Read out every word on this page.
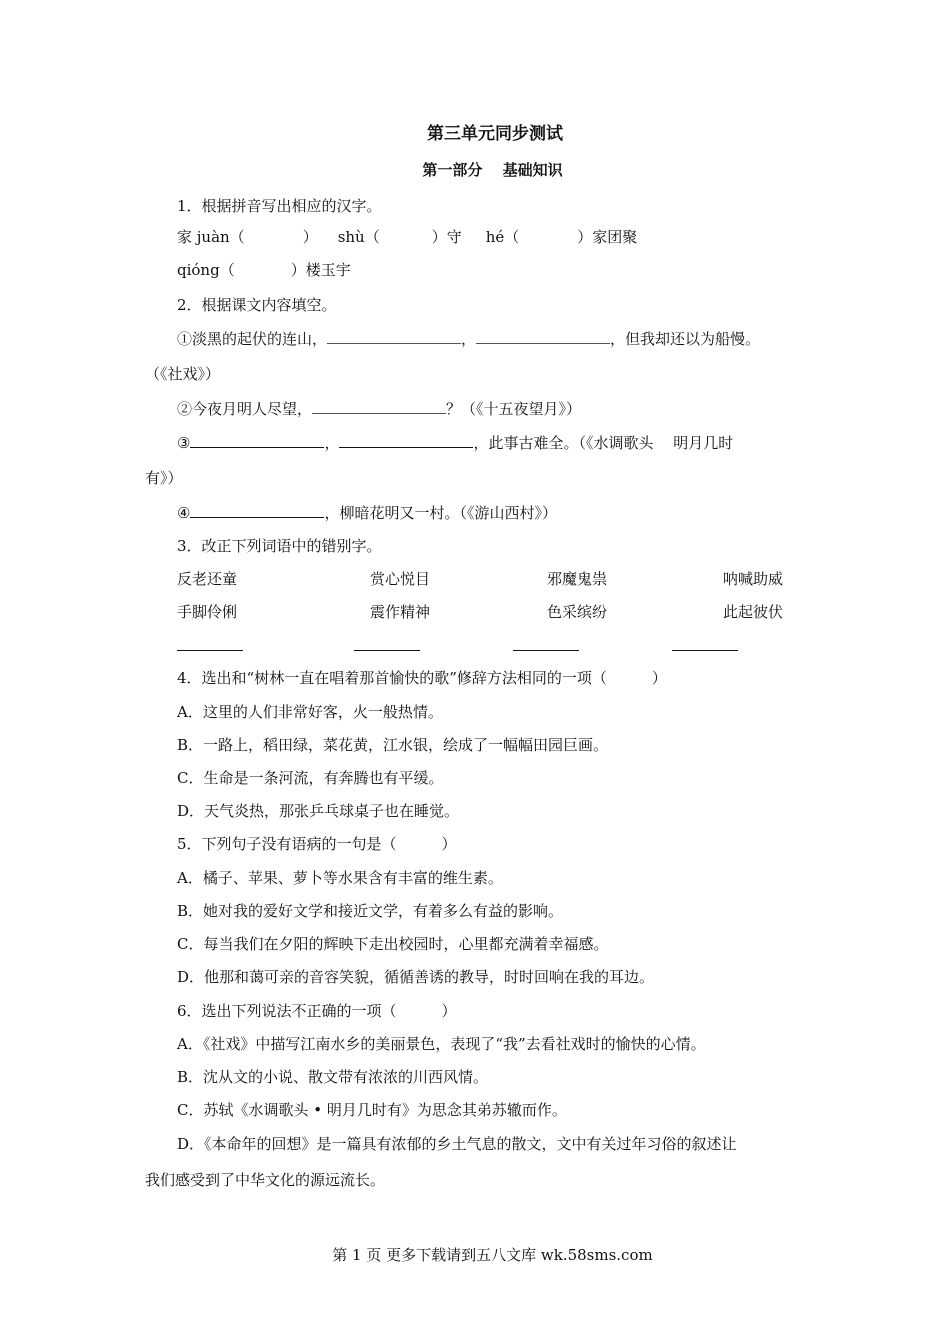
第三单元同步测试
第一部分　 基础知识
1．根据拼音写出相应的汉字。
家 juàn（	） shù（	）守 hé（	）家团聚
qióng（	）楼玉宇
2．根据课文内容填空。
①淡黑的起伏的连山，	，	，但我却还以为船慢。
（《社戏》）
②今夜月明人尽望，	？（《十五夜望月》）
③	，	，此事古难全。（《水调歌头　 明月几时
有》）
④	，柳暗花明又一村。（《游山西村》）
3．改正下列词语中的错别字。
反老还童	赏心悦目	邪魔鬼祟	呐喊助威
手脚伶俐	震作精神	色采缤纷	此起彼伏
4．选出和“树林一直在唱着那首愉快的歌”修辞方法相同的一项（　　　）
A．这里的人们非常好客，火一般热情。
B．一路上，稻田绿，菜花黄，江水银，绘成了一幅幅田园巨画。
C．生命是一条河流，有奔腾也有平缓。
D．天气炎热，那张乒乓球桌子也在睡觉。
5．下列句子没有语病的一句是（　　　）
A．橘子、苹果、萝卜等水果含有丰富的维生素。
B．她对我的爱好文学和接近文学，有着多么有益的影响。
C．每当我们在夕阳的辉映下走出校园时，心里都充满着幸福感。
D．他那和蔼可亲的音容笑貌，循循善诱的教导，时时回响在我的耳边。
6．选出下列说法不正确的一项（　　　）
A．《社戏》中描写江南水乡的美丽景色，表现了“我”去看社戏时的愉快的心情。
B．沈从文的小说、散文带有浓浓的川西风情。
C．苏轼《水调歌头 • 明月几时有》为思念其弟苏辙而作。
D．《本命年的回想》是一篇具有浓郁的乡土气息的散文，文中有关过年习俗的叙述让
我们感受到了中华文化的源远流长。
第 1 页 更多下载请到五八文库 wk.58sms.com
